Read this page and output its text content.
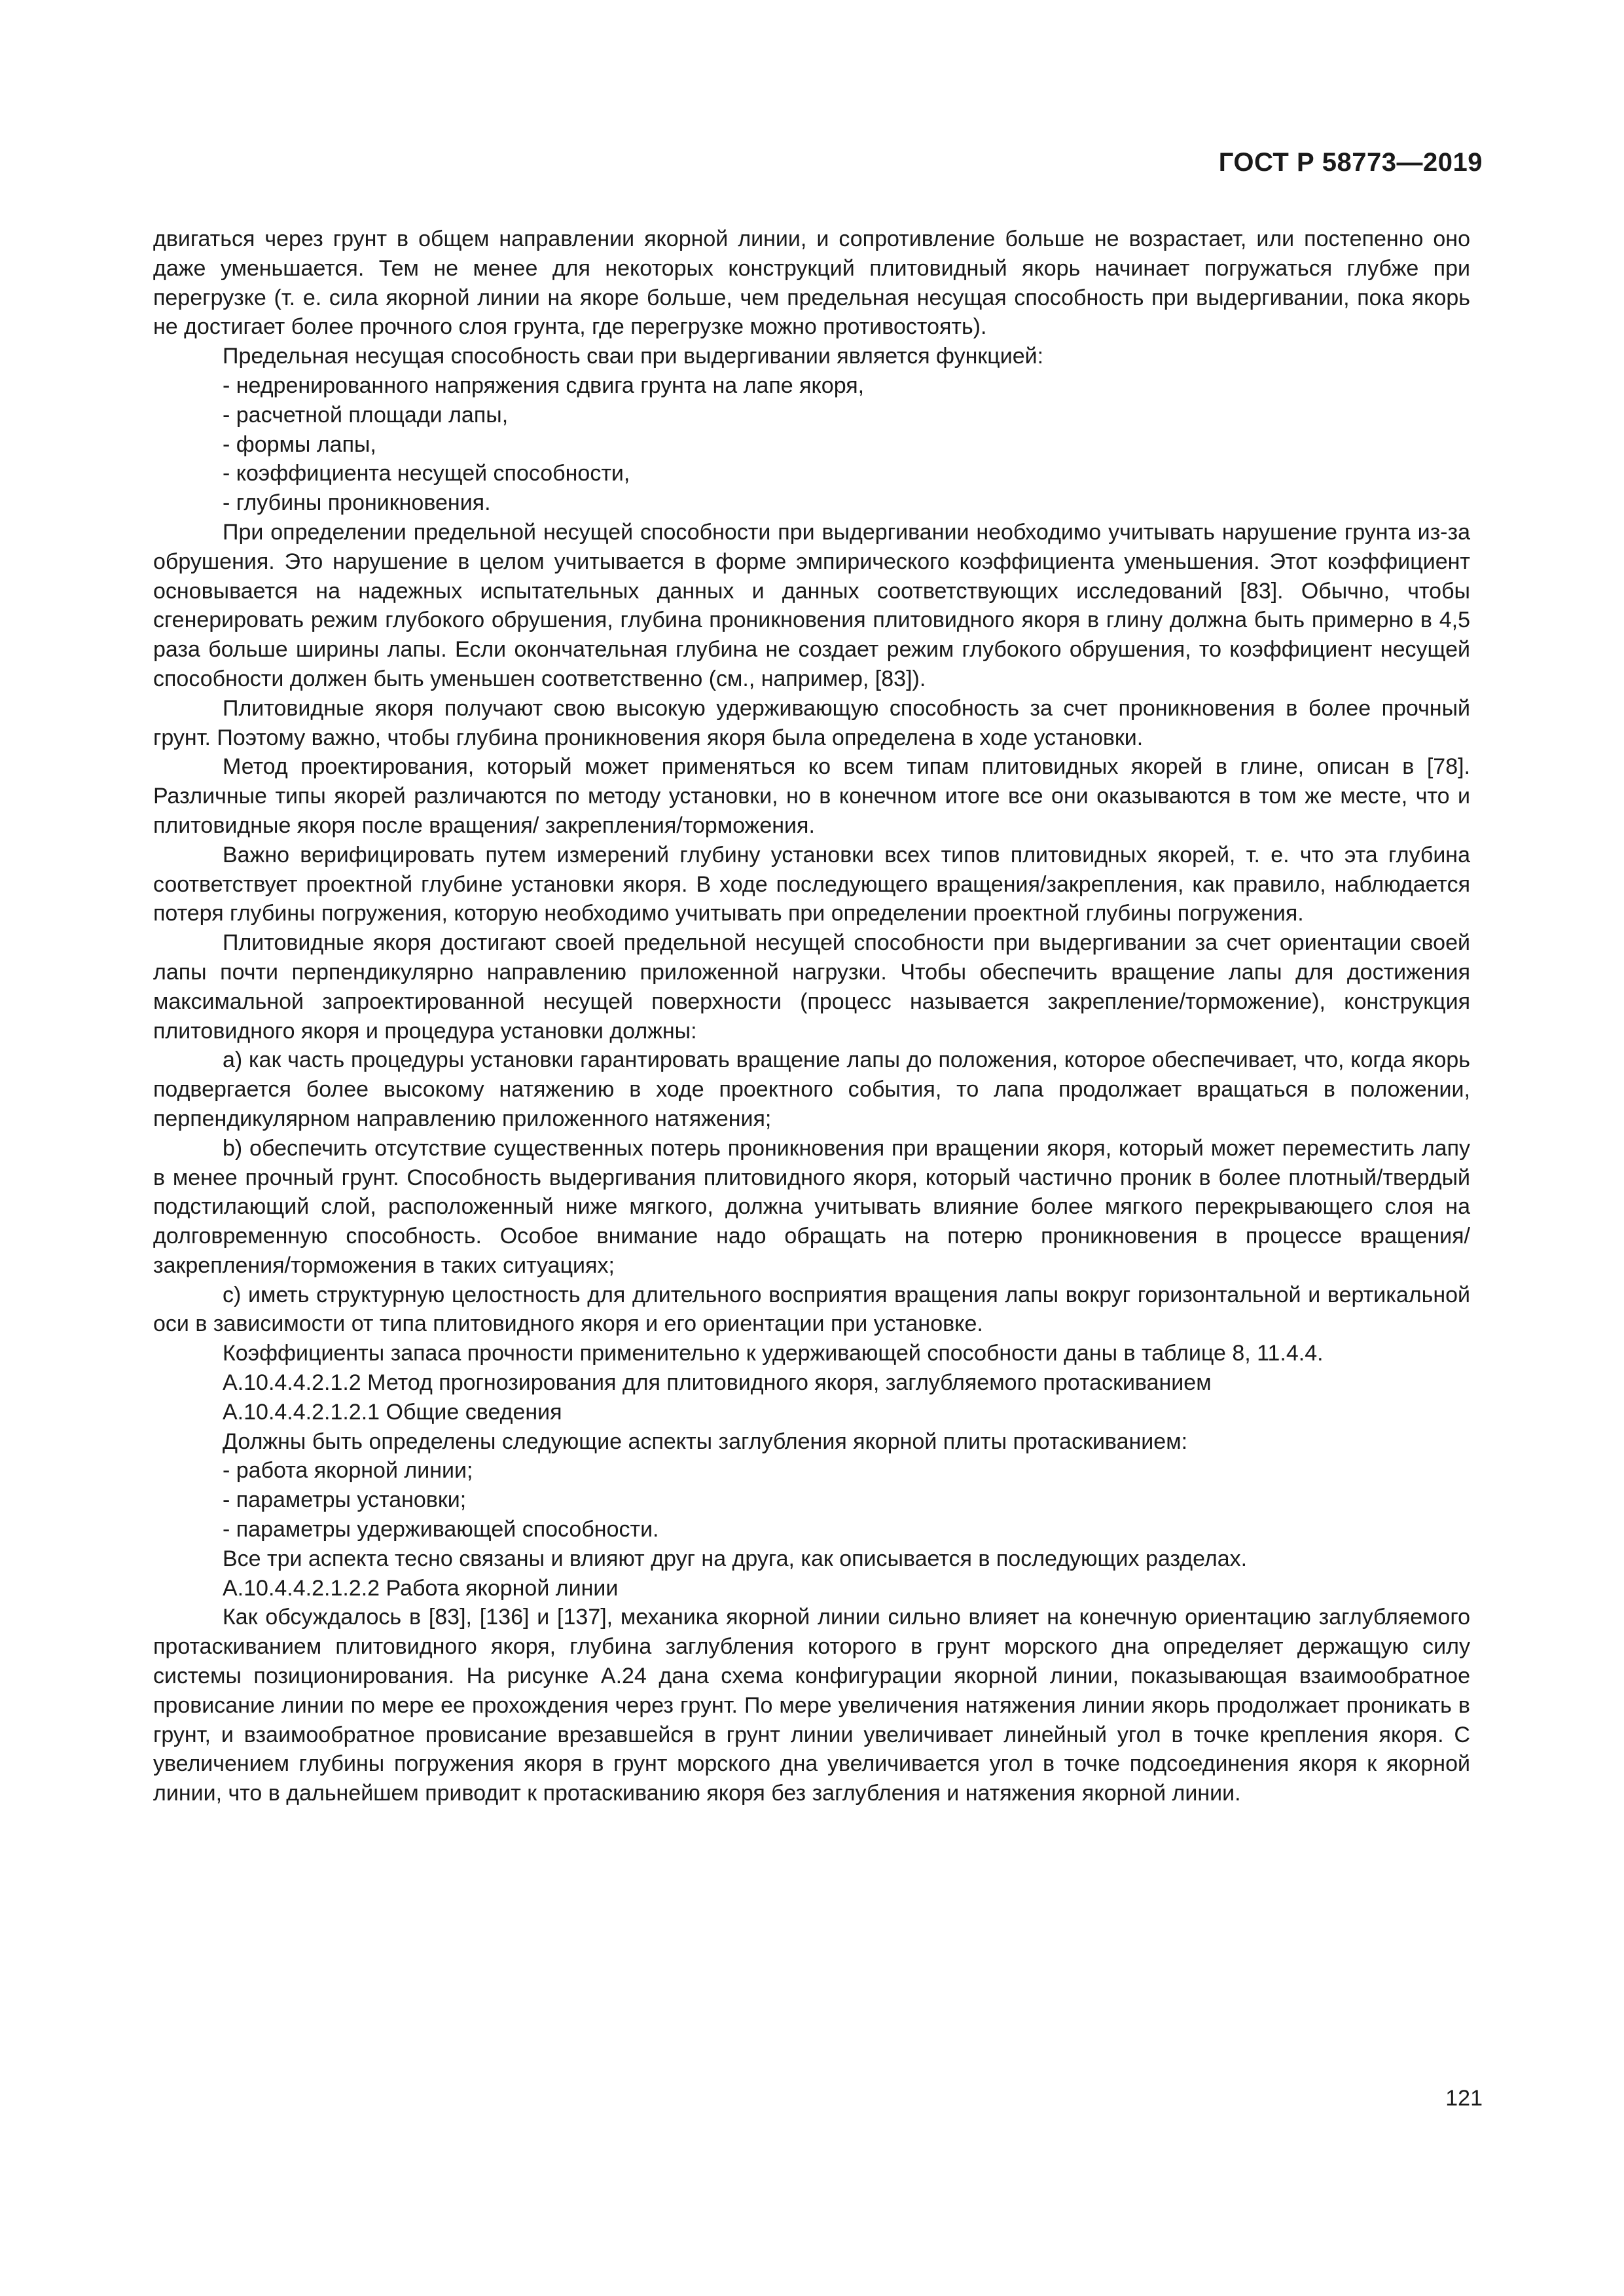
ГОСТ Р 58773—2019

двигаться через грунт в общем направлении якорной линии, и сопротивление больше не возрастает, или постепенно оно даже уменьшается. Тем не менее для некоторых конструкций плитовидный якорь начинает погружаться глубже при перегрузке (т. е. сила якорной линии на якоре больше, чем предельная несущая способность при выдергивании, пока якорь не достигает более прочного слоя грунта, где перегрузке можно противостоять).

Предельная несущая способность сваи при выдергивании является функцией:

- недренированного напряжения сдвига грунта на лапе якоря,
- расчетной площади лапы,
- формы лапы,
- коэффициента несущей способности,
- глубины проникновения.

При определении предельной несущей способности при выдергивании необходимо учитывать нарушение грунта из-за обрушения. Это нарушение в целом учитывается в форме эмпирического коэффициента уменьшения. Этот коэффициент основывается на надежных испытательных данных и данных соответствующих исследований [83]. Обычно, чтобы сгенерировать режим глубокого обрушения, глубина проникновения плитовидного якоря в глину должна быть примерно в 4,5 раза больше ширины лапы. Если окончательная глубина не создает режим глубокого обрушения, то коэффициент несущей способности должен быть уменьшен соответственно (см., например, [83]).

Плитовидные якоря получают свою высокую удерживающую способность за счет проникновения в более прочный грунт. Поэтому важно, чтобы глубина проникновения якоря была определена в ходе установки.

Метод проектирования, который может применяться ко всем типам плитовидных якорей в глине, описан в [78]. Различные типы якорей различаются по методу установки, но в конечном итоге все они оказываются в том же месте, что и плитовидные якоря после вращения/ закрепления/торможения.

Важно верифицировать путем измерений глубину установки всех типов плитовидных якорей, т. е. что эта глубина соответствует проектной глубине установки якоря. В ходе последующего вращения/закрепления, как правило, наблюдается потеря глубины погружения, которую необходимо учитывать при определении проектной глубины погружения.

Плитовидные якоря достигают своей предельной несущей способности при выдергивании за счет ориентации своей лапы почти перпендикулярно направлению приложенной нагрузки. Чтобы обеспечить вращение лапы для достижения максимальной запроектированной несущей поверхности (процесс называется закрепление/торможение), конструкция плитовидного якоря и процедура установки должны:

a) как часть процедуры установки гарантировать вращение лапы до положения, которое обеспечивает, что, когда якорь подвергается более высокому натяжению в ходе проектного события, то лапа продолжает вращаться в положении, перпендикулярном направлению приложенного натяжения;

b) обеспечить отсутствие существенных потерь проникновения при вращении якоря, который может переместить лапу в менее прочный грунт. Способность выдергивания плитовидного якоря, который частично проник в более плотный/твердый подстилающий слой, расположенный ниже мягкого, должна учитывать влияние более мягкого перекрывающего слоя на долговременную способность. Особое внимание надо обращать на потерю проникновения в процессе вращения/ закрепления/торможения в таких ситуациях;

c) иметь структурную целостность для длительного восприятия вращения лапы вокруг горизонтальной и вертикальной оси в зависимости от типа плитовидного якоря и его ориентации при установке.

Коэффициенты запаса прочности применительно к удерживающей способности даны в таблице 8, 11.4.4.

A.10.4.4.2.1.2 Метод прогнозирования для плитовидного якоря, заглубляемого протаскиванием

A.10.4.4.2.1.2.1 Общие сведения

Должны быть определены следующие аспекты заглубления якорной плиты протаскиванием:

- работа якорной линии;
- параметры установки;
- параметры удерживающей способности.

Все три аспекта тесно связаны и влияют друг на друга, как описывается в последующих разделах.

A.10.4.4.2.1.2.2 Работа якорной линии

Как обсуждалось в [83], [136] и [137], механика якорной линии сильно влияет на конечную ориентацию заглубляемого протаскиванием плитовидного якоря, глубина заглубления которого в грунт морского дна определяет держащую силу системы позиционирования. На рисунке A.24 дана схема конфигурации якорной линии, показывающая взаимообратное провисание линии по мере ее прохождения через грунт. По мере увеличения натяжения линии якорь продолжает проникать в грунт, и взаимообратное провисание врезавшейся в грунт линии увеличивает линейный угол в точке крепления якоря. С увеличением глубины погружения якоря в грунт морского дна увеличивается угол в точке подсоединения якоря к якорной линии, что в дальнейшем приводит к протаскиванию якоря без заглубления и натяжения якорной линии.

121
